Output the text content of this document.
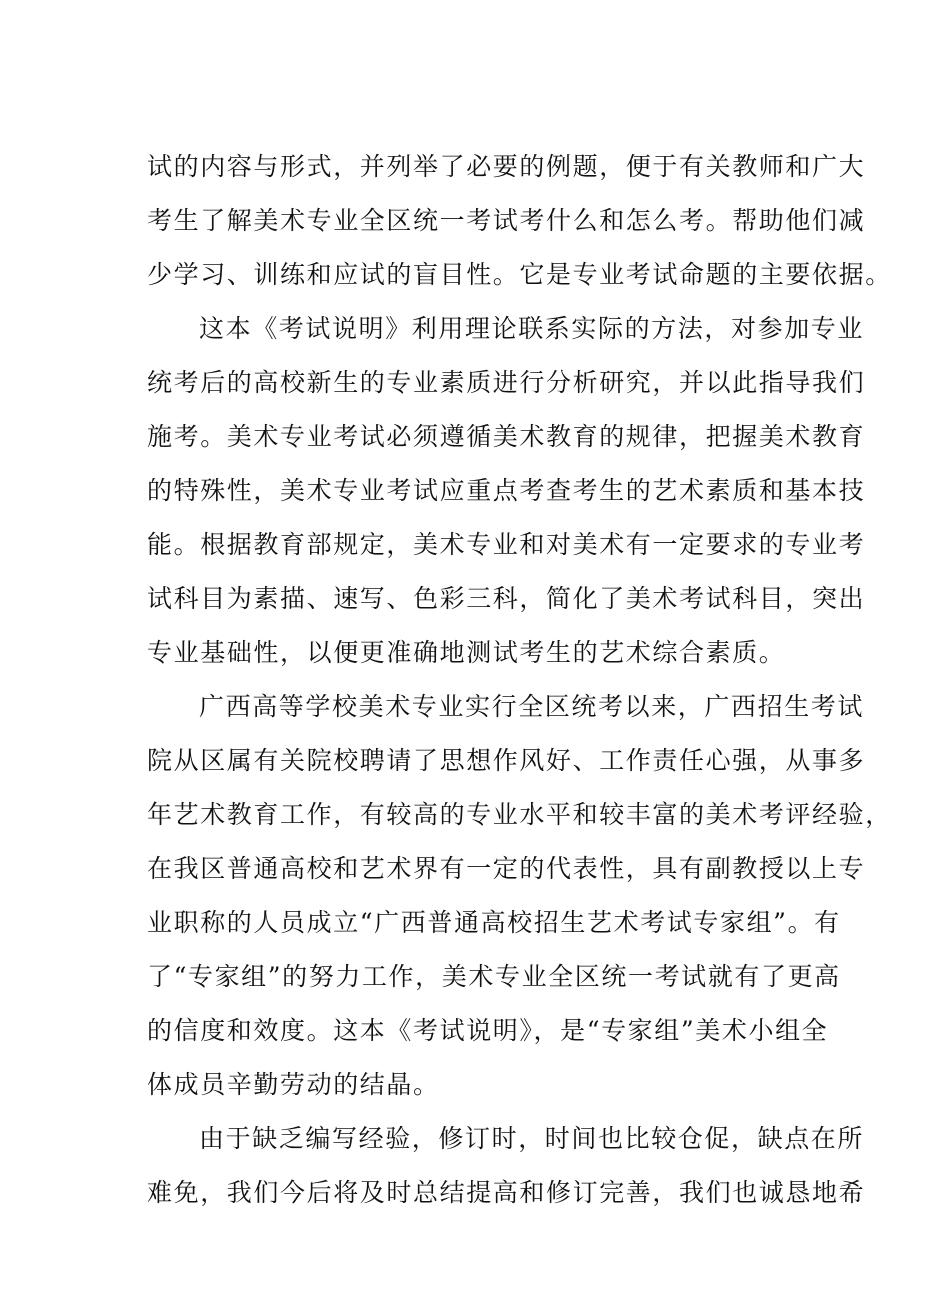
试的内容与形式，并列举了必要的例题，便于有关教师和广大
考生了解美术专业全区统一考试考什么和怎么考。帮助他们减
少学习、训练和应试的盲目性。它是专业考试命题的主要依据。
这本《考试说明》利用理论联系实际的方法，对参加专业
统考后的高校新生的专业素质进行分析研究，并以此指导我们
施考。美术专业考试必须遵循美术教育的规律，把握美术教育
的特殊性，美术专业考试应重点考查考生的艺术素质和基本技
能。根据教育部规定，美术专业和对美术有一定要求的专业考
试科目为素描、速写、色彩三科，简化了美术考试科目，突出
专业基础性，以便更准确地测试考生的艺术综合素质。
广西高等学校美术专业实行全区统考以来，广西招生考试
院从区属有关院校聘请了思想作风好、工作责任心强，从事多
年艺术教育工作，有较高的专业水平和较丰富的美术考评经验，
在我区普通高校和艺术界有一定的代表性，具有副教授以上专
业职称的人员成立“广西普通高校招生艺术考试专家组”。有
了“专家组”的努力工作，美术专业全区统一考试就有了更高
的信度和效度。这本《考试说明》，是“专家组”美术小组全
体成员辛勤劳动的结晶。
由于缺乏编写经验，修订时，时间也比较仓促，缺点在所
难免，我们今后将及时总结提高和修订完善，我们也诚恳地希
